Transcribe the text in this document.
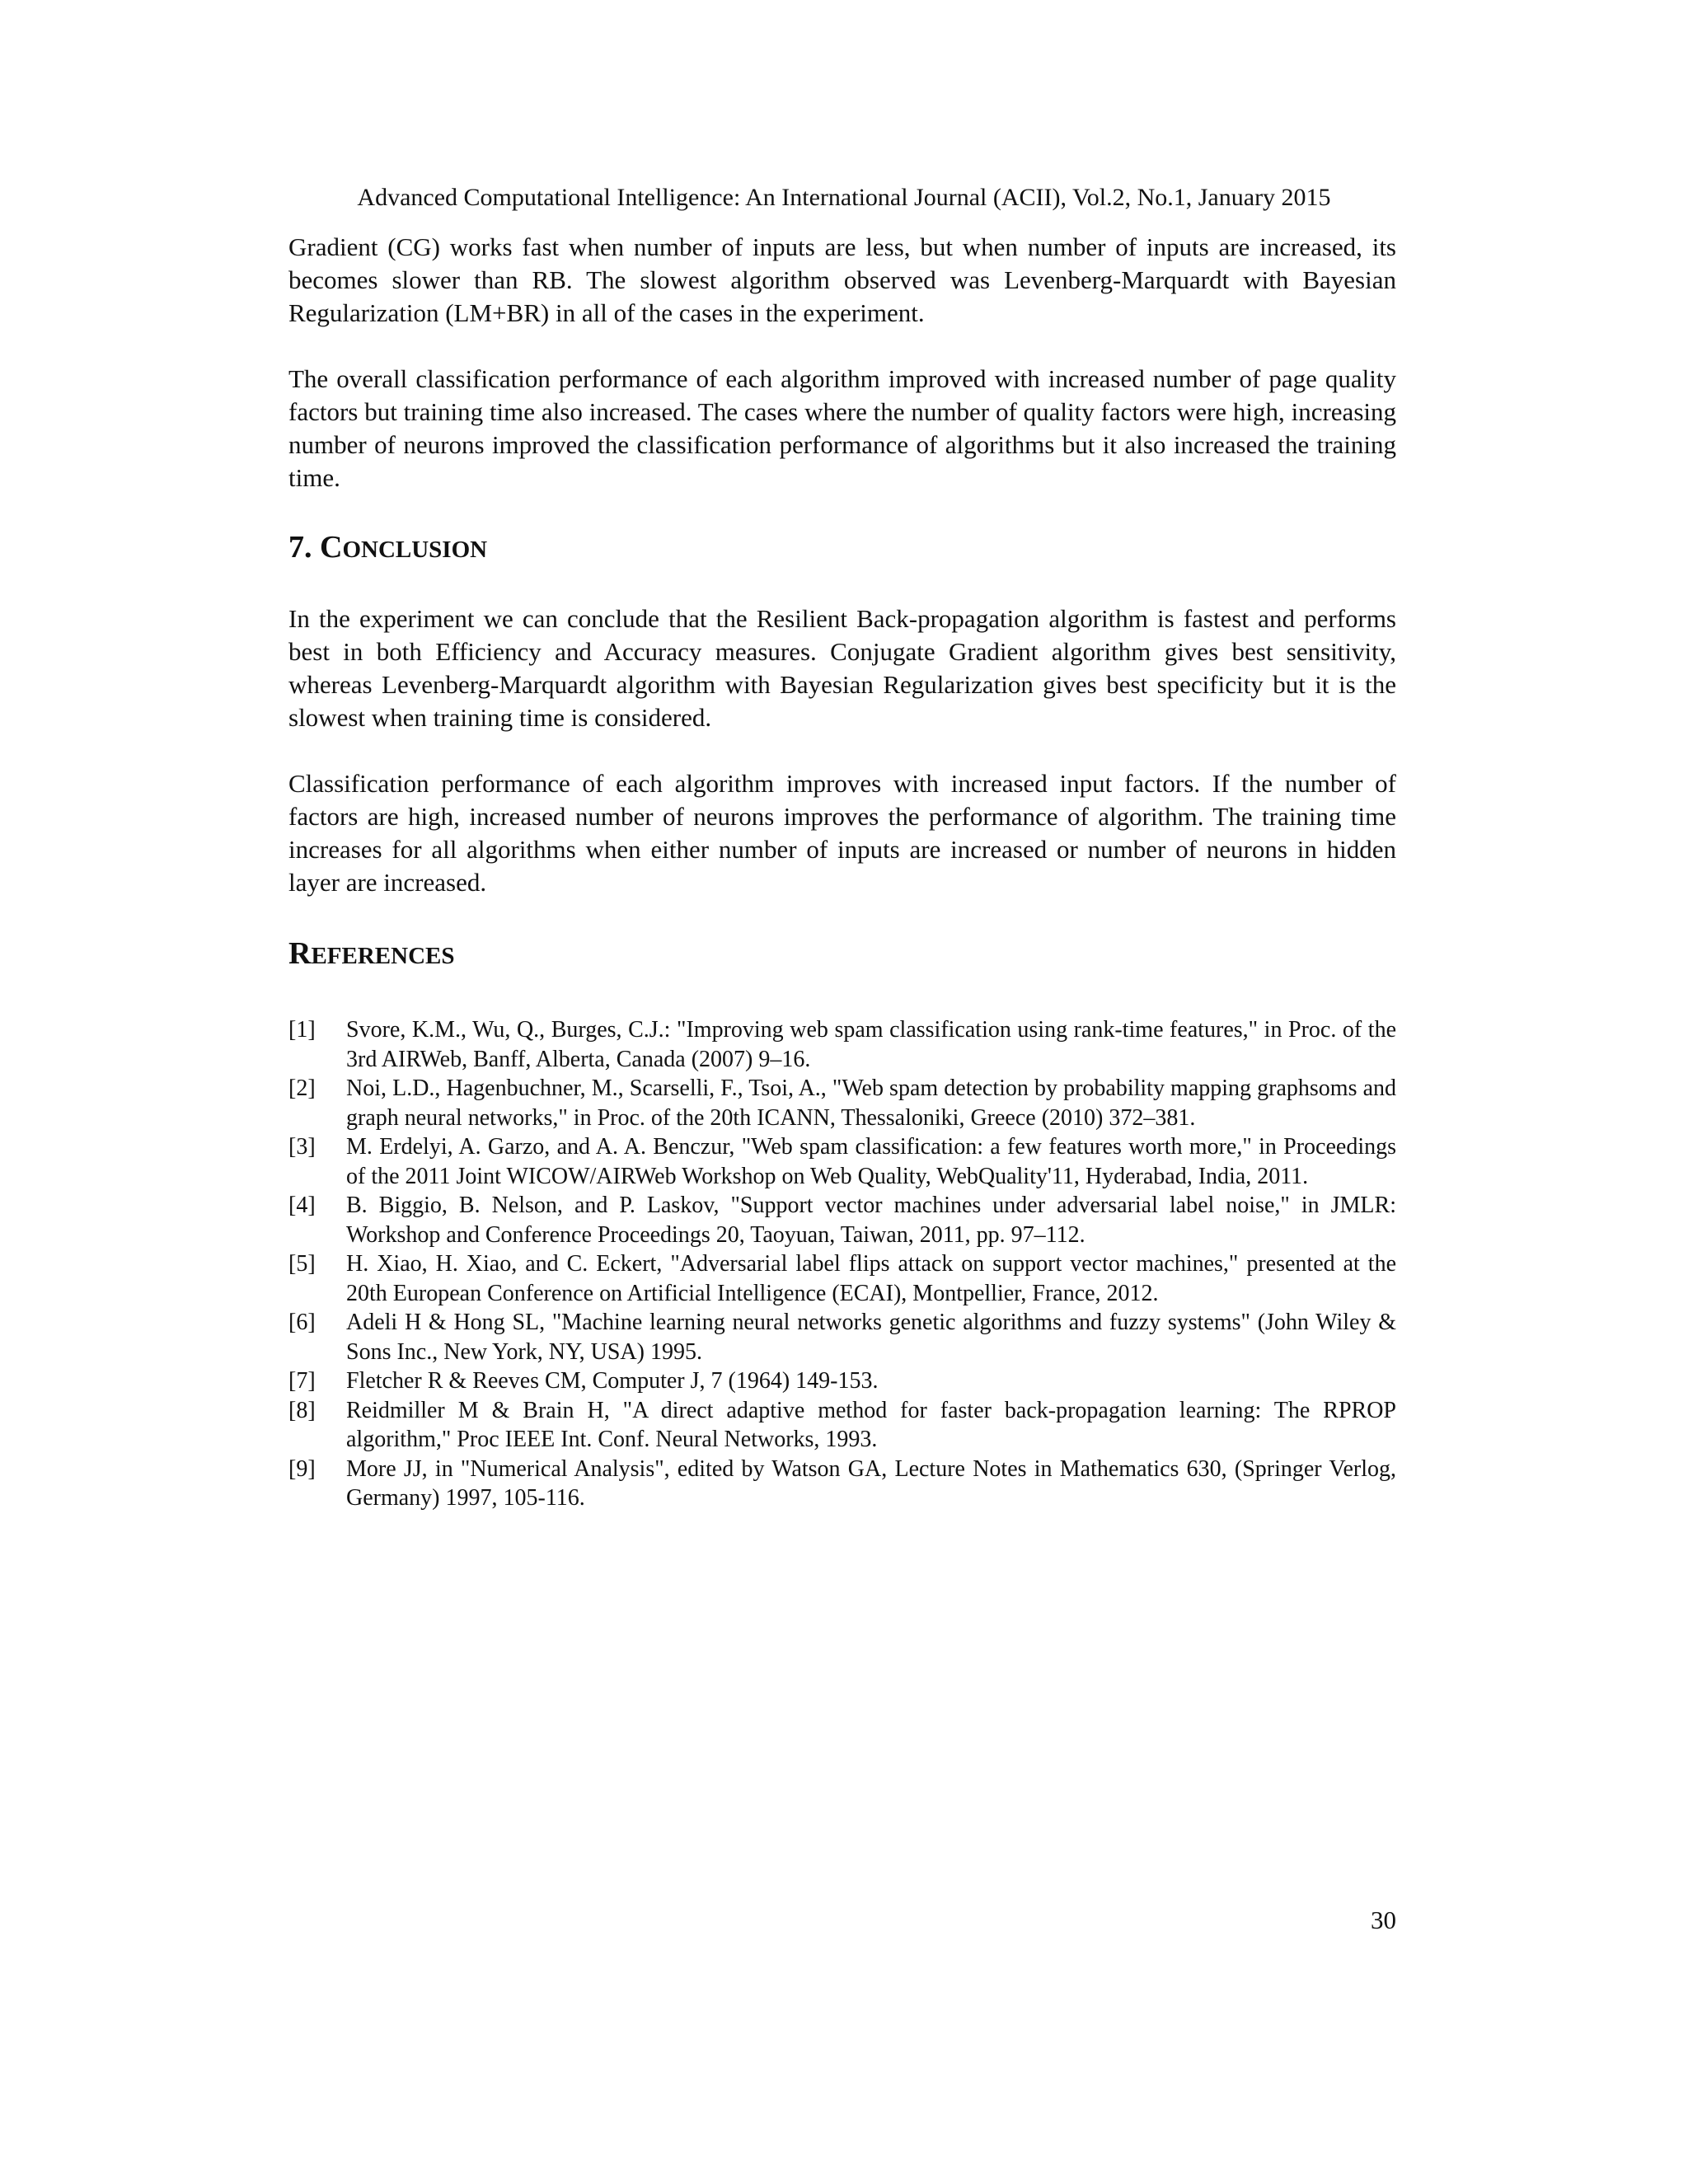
Advanced Computational Intelligence: An International Journal (ACII), Vol.2, No.1, January 2015

Gradient (CG) works fast when number of inputs are less, but when number of inputs are increased, its becomes slower than RB. The slowest algorithm observed was Levenberg-Marquardt with Bayesian Regularization (LM+BR) in all of the cases in the experiment.

The overall classification performance of each algorithm improved with increased number of page quality factors but training time also increased. The cases where the number of quality factors were high, increasing number of neurons improved the classification performance of algorithms but it also increased the training time.

7. CONCLUSION

In the experiment we can conclude that the Resilient Back-propagation algorithm is fastest and performs best in both Efficiency and Accuracy measures. Conjugate Gradient algorithm gives best sensitivity, whereas Levenberg-Marquardt algorithm with Bayesian Regularization gives best specificity but it is the slowest when training time is considered.

Classification performance of each algorithm improves with increased input factors. If the number of factors are high, increased number of neurons improves the performance of algorithm. The training time increases for all algorithms when either number of inputs are increased or number of neurons in hidden layer are increased.

REFERENCES
[1]	Svore, K.M., Wu, Q., Burges, C.J.: "Improving web spam classification using rank-time features," in Proc. of the 3rd AIRWeb, Banff, Alberta, Canada (2007) 9–16.
[2]	Noi, L.D., Hagenbuchner, M., Scarselli, F., Tsoi, A., "Web spam detection by probability mapping graphsoms and graph neural networks," in Proc. of the 20th ICANN, Thessaloniki, Greece (2010) 372–381.
[3]	M. Erdelyi, A. Garzo, and A. A. Benczur, "Web spam classification: a few features worth more," in Proceedings of the 2011 Joint WICOW/AIRWeb Workshop on Web Quality, WebQuality'11, Hyderabad, India, 2011.
[4]	B. Biggio, B. Nelson, and P. Laskov, "Support vector machines under adversarial label noise," in JMLR: Workshop and Conference Proceedings 20, Taoyuan, Taiwan, 2011, pp. 97–112.
[5]	H. Xiao, H. Xiao, and C. Eckert, "Adversarial label flips attack on support vector machines," presented at the 20th European Conference on Artificial Intelligence (ECAI), Montpellier, France, 2012.
[6]	Adeli H & Hong SL, "Machine learning neural networks genetic algorithms and fuzzy systems" (John Wiley & Sons Inc., New York, NY, USA) 1995.
[7]	Fletcher R & Reeves CM, Computer J, 7 (1964) 149-153.
[8]	Reidmiller M & Brain H, "A direct adaptive method for faster back-propagation learning: The RPROP algorithm," Proc IEEE Int. Conf. Neural Networks, 1993.
[9]	More JJ, in "Numerical Analysis", edited by Watson GA, Lecture Notes in Mathematics 630, (Springer Verlog, Germany) 1997, 105-116.
30
